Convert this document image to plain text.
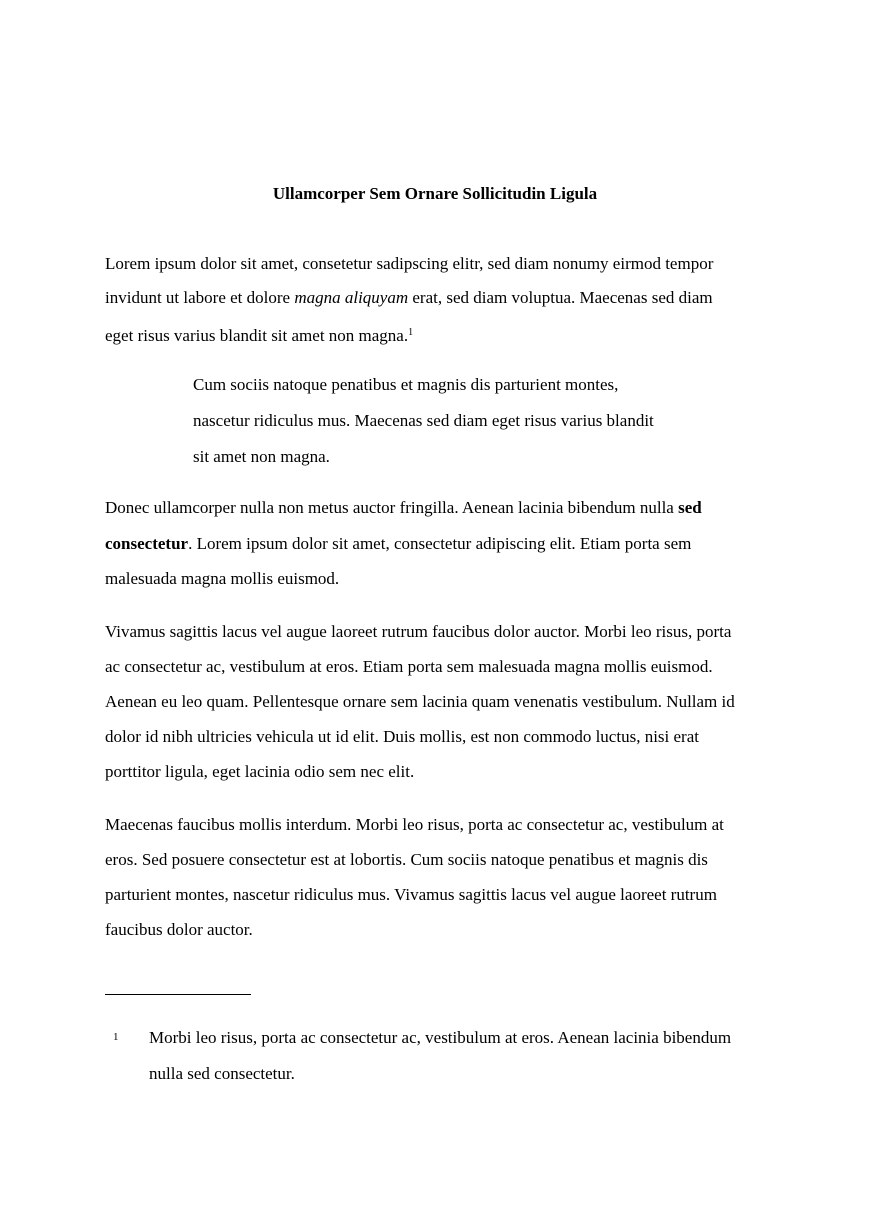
Ullamcorper Sem Ornare Sollicitudin Ligula
Lorem ipsum dolor sit amet, consetetur sadipscing elitr, sed diam nonumy eirmod tempor
invidunt ut labore et dolore magna aliquyam erat, sed diam voluptua. Maecenas sed diam
eget risus varius blandit sit amet non magna.$^1$
Cum sociis natoque penatibus et magnis dis parturient montes,
nascetur ridiculus mus. Maecenas sed diam eget risus varius blandit
sit amet non magna.
Donec ullamcorper nulla non metus auctor fringilla. Aenean lacinia bibendum nulla sed
consectetur. Lorem ipsum dolor sit amet, consectetur adipiscing elit. Etiam porta sem
malesuada magna mollis euismod.
Vivamus sagittis lacus vel augue laoreet rutrum faucibus dolor auctor. Morbi leo risus, porta
ac consectetur ac, vestibulum at eros. Etiam porta sem malesuada magna mollis euismod.
Aenean eu leo quam. Pellentesque ornare sem lacinia quam venenatis vestibulum. Nullam id
dolor id nibh ultricies vehicula ut id elit. Duis mollis, est non commodo luctus, nisi erat
porttitor ligula, eget lacinia odio sem nec elit.
Maecenas faucibus mollis interdum. Morbi leo risus, porta ac consectetur ac, vestibulum at
eros. Sed posuere consectetur est at lobortis. Cum sociis natoque penatibus et magnis dis
parturient montes, nascetur ridiculus mus. Vivamus sagittis lacus vel augue laoreet rutrum
faucibus dolor auctor.
1 Morbi leo risus, porta ac consectetur ac, vestibulum at eros. Aenean lacinia bibendum
nulla sed consectetur.
